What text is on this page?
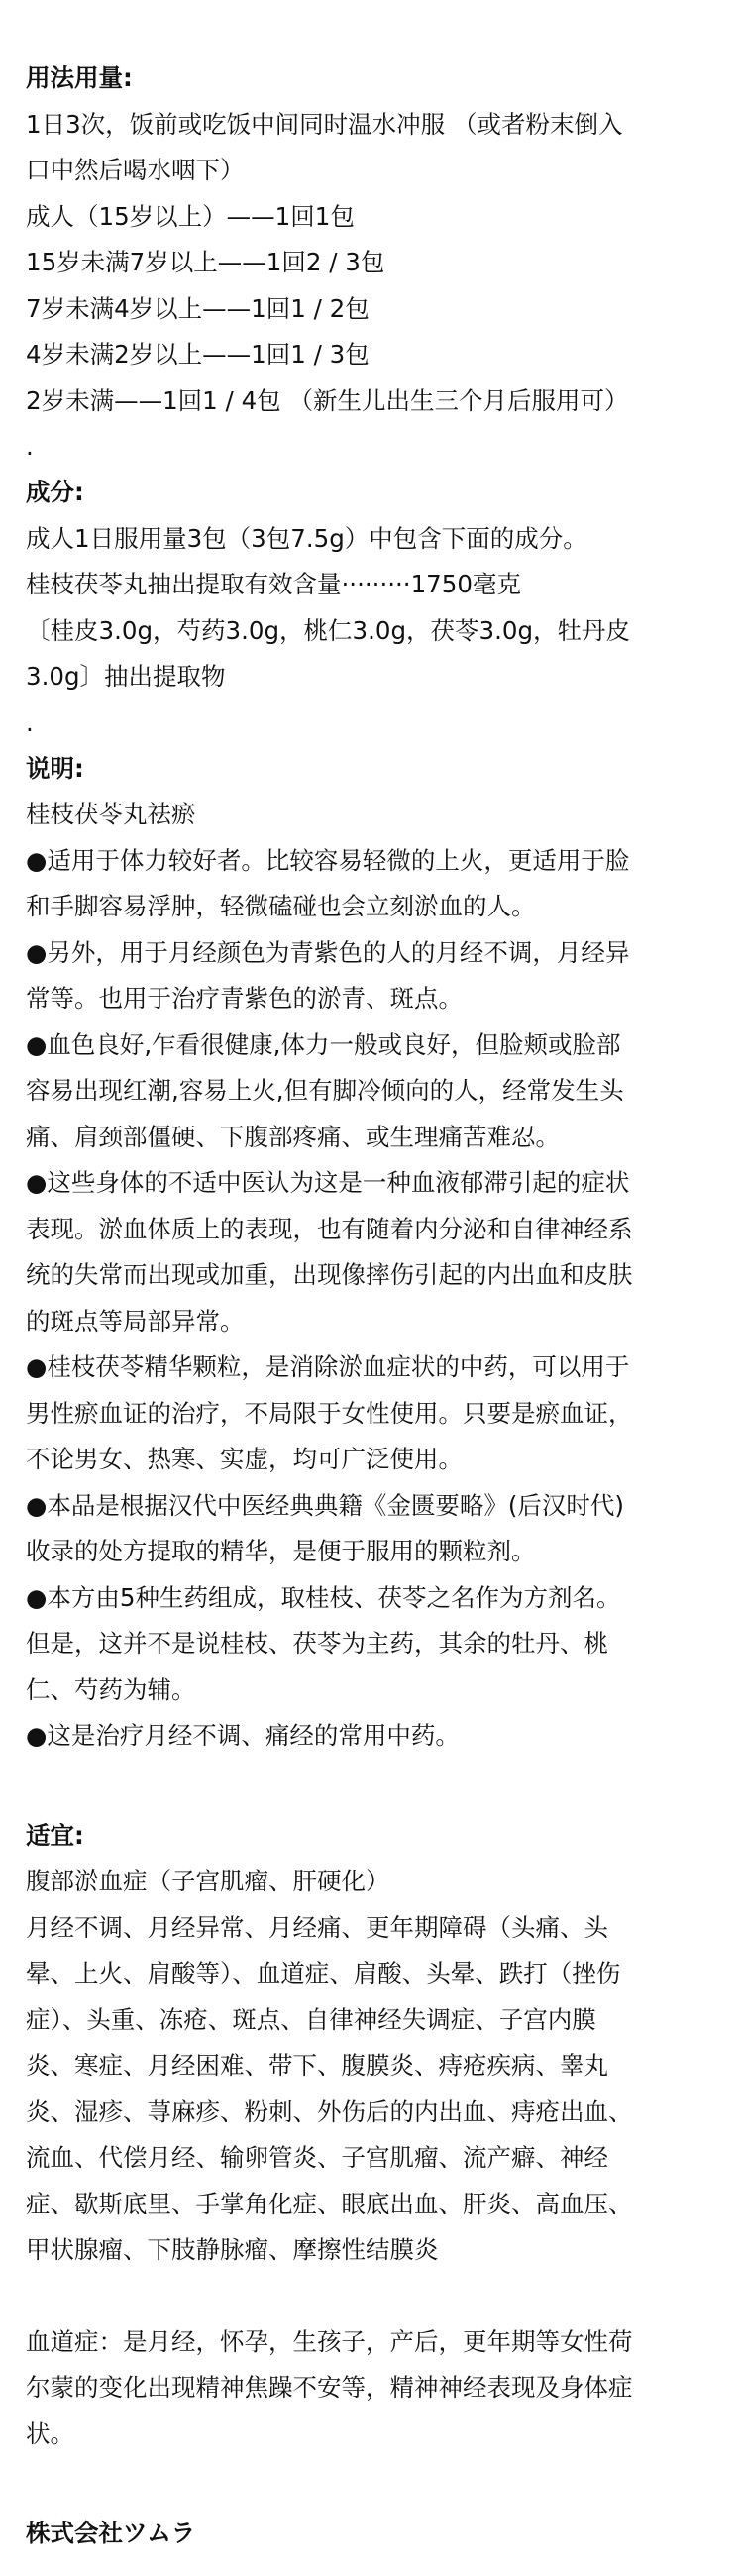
用法用量:
1日3次，饭前或吃饭中间同时温水冲服 （或者粉末倒入
口中然后喝水咽下）
成人（15岁以上）——1回1包
15岁未满7岁以上——1回2 / 3包
7岁未满4岁以上——1回1 / 2包
4岁未满2岁以上——1回1 / 3包
2岁未满——1回1 / 4包 （新生儿出生三个月后服用可）
.
成分:
成人1日服用量3包（3包7.5g）中包含下面的成分。
桂枝茯苓丸抽出提取有效含量·········1750毫克
〔桂皮3.0g，芍药3.0g，桃仁3.0g，茯苓3.0g，牡丹皮
3.0g〕抽出提取物
.
说明:
桂枝茯苓丸祛瘀
●适用于体力较好者。比较容易轻微的上火，更适用于脸
和手脚容易浮肿，轻微磕碰也会立刻淤血的人。
●另外，用于月经颜色为青紫色的人的月经不调，月经异
常等。也用于治疗青紫色的淤青、斑点。
●血色良好,乍看很健康,体力一般或良好，但脸颊或脸部
容易出现红潮,容易上火,但有脚冷倾向的人，经常发生头
痛、肩颈部僵硬、下腹部疼痛、或生理痛苦难忍。
●这些身体的不适中医认为这是一种血液郁滞引起的症状
表现。淤血体质上的表现，也有随着内分泌和自律神经系
统的失常而出现或加重，出现像摔伤引起的内出血和皮肤
的斑点等局部异常。
●桂枝茯苓精华颗粒，是消除淤血症状的中药，可以用于
男性瘀血证的治疗，不局限于女性使用。只要是瘀血证，
不论男女、热寒、实虚，均可广泛使用。
●本品是根据汉代中医经典典籍《金匮要略》(后汉时代)
收录的处方提取的精华，是便于服用的颗粒剂。
●本方由5种生药组成，取桂枝、茯苓之名作为方剂名。
但是，这并不是说桂枝、茯苓为主药，其余的牡丹、桃
仁、芍药为辅。
●这是治疗月经不调、痛经的常用中药。
适宜:
腹部淤血症（子宫肌瘤、肝硬化）
月经不调、月经异常、月经痛、更年期障碍（头痛、头
晕、上火、肩酸等）、血道症、肩酸、头晕、跌打（挫伤
症）、头重、冻疮、斑点、自律神经失调症、子宫内膜
炎、寒症、月经困难、带下、腹膜炎、痔疮疾病、睾丸
炎、湿疹、荨麻疹、粉刺、外伤后的内出血、痔疮出血、
流血、代偿月经、输卵管炎、子宫肌瘤、流产癖、神经
症、歇斯底里、手掌角化症、眼底出血、肝炎、高血压、
甲状腺瘤、下肢静脉瘤、摩擦性结膜炎
血道症：是月经，怀孕，生孩子，产后，更年期等女性荷
尔蒙的变化出现精神焦躁不安等，精神神经表现及身体症
状。
株式会社ツムラ
